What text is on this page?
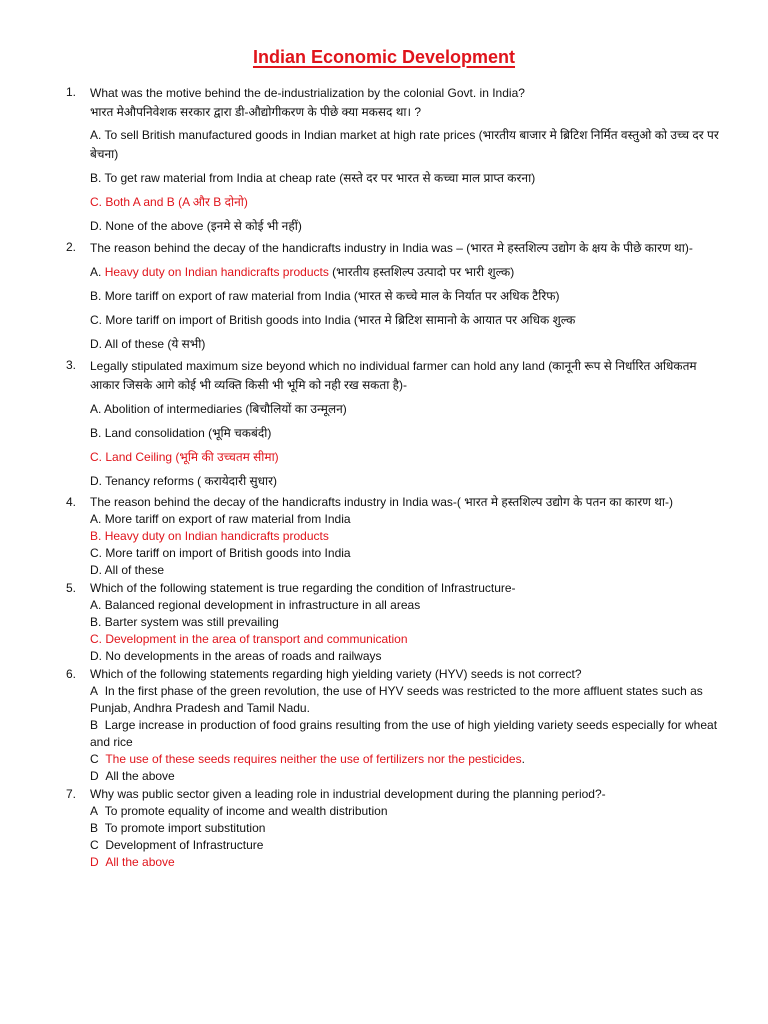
Indian Economic Development
1.	What was the motive behind the de-industrialization by the colonial Govt. in India?
भारत मेऔपनिवेशक सरकार द्वारा डी-औद्योगीकरण के पीछे क्या मकसद था। ?
A. To sell British manufactured goods in Indian market at high rate prices (भारतीय बाजार मे ब्रिटिश निर्मित वस्तुओ को उच्च दर पर बेचना)
B. To get raw material from India at cheap rate (सस्ते दर पर भारत से कच्चा माल प्राप्त करना)
C. Both A and B (A और B दोनो)
D. None of the above (इनमे से कोई भी नहीं)
2.	The reason behind the decay of the handicrafts industry in India was – (भारत मे हस्तशिल्प उद्योग के क्षय के पीछे कारण था)-
A. Heavy duty on Indian handicrafts products (भारतीय हस्तशिल्प उत्पादो पर भारी शुल्क)
B. More tariff on export of raw material from India (भारत से कच्चे माल के निर्यात पर अधिक टैरिफ)
C. More tariff on import of British goods into India (भारत मे ब्रिटिश सामानो के आयात पर अधिक शुल्क
D. All of these (ये सभी)
3.	Legally stipulated maximum size beyond which no individual farmer can hold any land (कानूनी रूप से निर्धारित अधिकतम आकार जिसके आगे कोई भी व्यक्ति किसी भी भूमि को नही रख सकता है)-
A. Abolition of intermediaries (बिचौलियों का उन्मूलन)
B. Land consolidation (भूमि चकबंदी)
C. Land Ceiling (भूमि की उच्चतम सीमा)
D. Tenancy reforms ( करायेदारी सुधार)
4.	The reason behind the decay of the handicrafts industry in India was-( भारत मे हस्तशिल्प उद्योग के पतन का कारण था-)
A. More tariff on export of raw material from India
B. Heavy duty on Indian handicrafts products
C. More tariff on import of British goods into India
D. All of these
5.	Which of the following statement is true regarding the condition of Infrastructure-
A. Balanced regional development in infrastructure in all areas
B. Barter system was still prevailing
C. Development in the area of transport and communication
D. No developments in the areas of roads and railways
6.	Which of the following statements regarding high yielding variety (HYV) seeds is not correct?
A In the first phase of the green revolution, the use of HYV seeds was restricted to the more affluent states such as Punjab, Andhra Pradesh and Tamil Nadu.
B Large increase in production of food grains resulting from the use of high yielding variety seeds especially for wheat and rice
C The use of these seeds requires neither the use of fertilizers nor the pesticides.
D All the above
7.	Why was public sector given a leading role in industrial development during the planning period?-
A To promote equality of income and wealth distribution
B To promote import substitution
C Development of Infrastructure
D All the above
